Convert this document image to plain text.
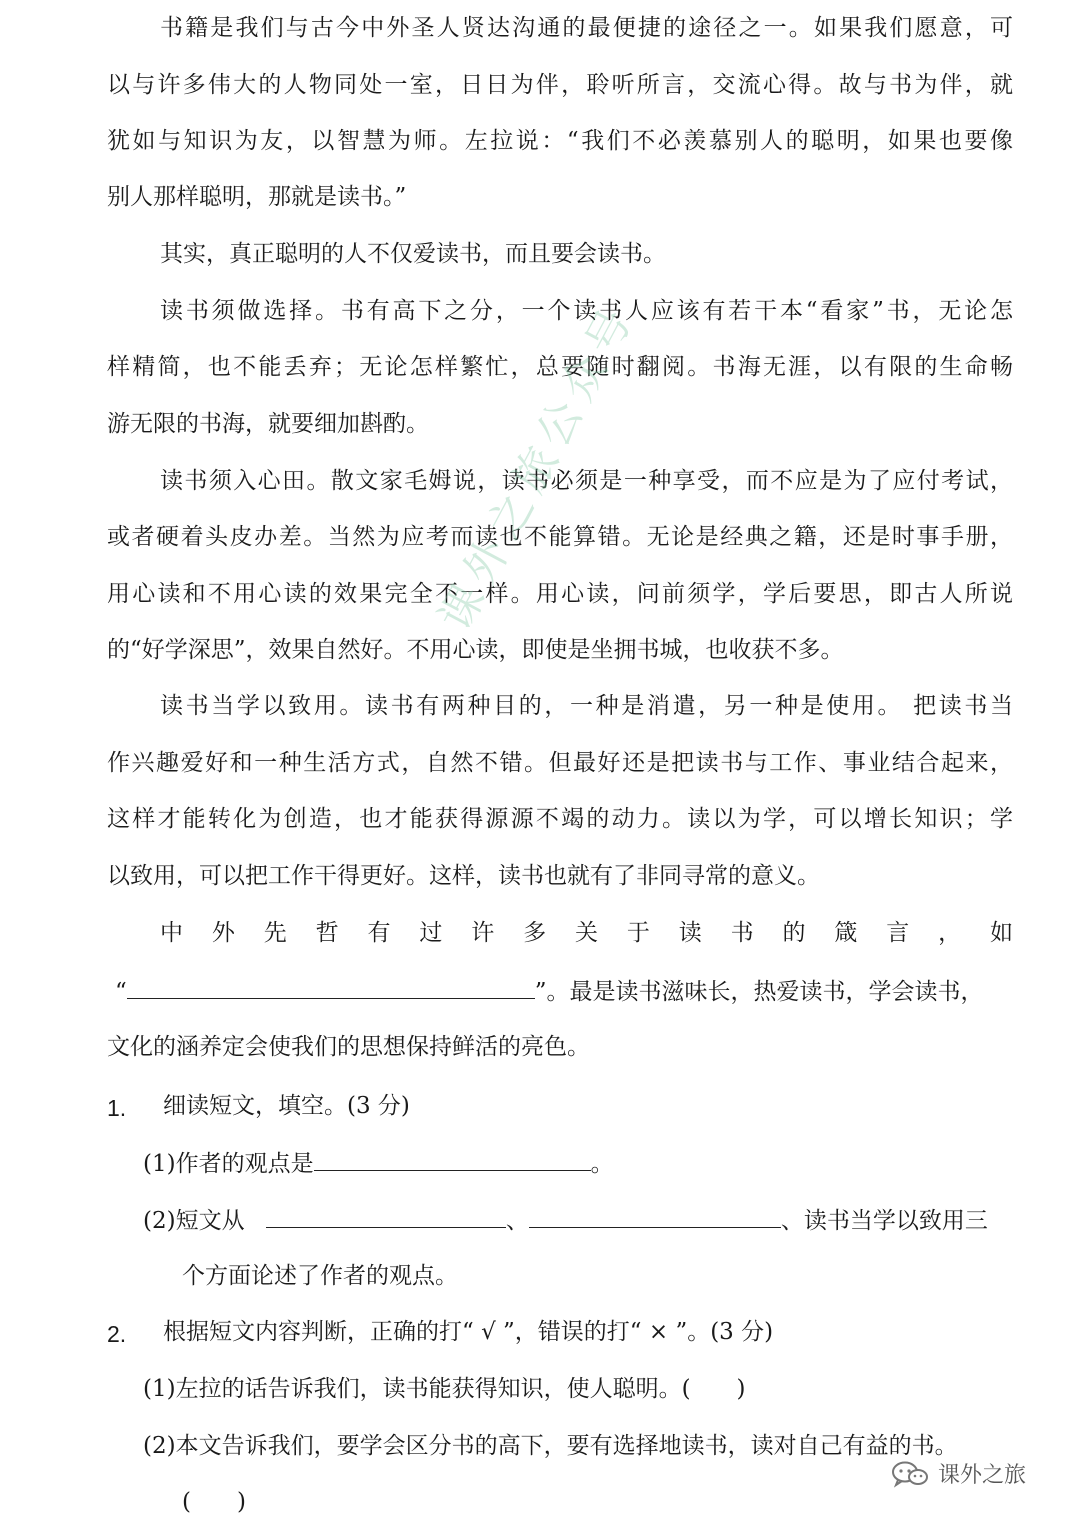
书籍是我们与古今中外圣人贤达沟通的最便捷的途径之一。如果我们愿意，可
以与许多伟大的人物同处一室，日日为伴，聆听所言，交流心得。故与书为伴，就
犹如与知识为友，以智慧为师。左拉说：“我们不必羡慕别人的聪明，如果也要像
别人那样聪明，那就是读书。”
其实，真正聪明的人不仅爱读书，而且要会读书。
读书须做选择。书有高下之分，一个读书人应该有若干本“看家”书，无论怎
样精简，也不能丢弃；无论怎样繁忙，总要随时翻阅。书海无涯，以有限的生命畅
游无限的书海，就要细加斟酌。
读书须入心田。散文家毛姆说，读书必须是一种享受，而不应是为了应付考试，
或者硬着头皮办差。当然为应考而读也不能算错。无论是经典之籍，还是时事手册，
用心读和不用心读的效果完全不一样。用心读，问前须学，学后要思，即古人所说
的“好学深思”，效果自然好。不用心读，即使是坐拥书城，也收获不多。
读书当学以致用。读书有两种目的，一种是消遣，另一种是使用。 把读书当
作兴趣爱好和一种生活方式，自然不错。但最好还是把读书与工作、事业结合起来，
这样才能转化为创造，也才能获得源源不竭的动力。读以为学，可以增长知识；学
以致用，可以把工作干得更好。这样，读书也就有了非同寻常的意义。
中外先哲有过许多关于读书的箴言，如
“	”。最是读书滋味长，热爱读书，学会读书，
文化的涵养定会使我们的思想保持鲜活的亮色。
1.	细读短文，填空。(3 分)
(1)作者的观点是	。
(2)短文从	、	、读书当学以致用三
个方面论述了作者的观点。
2.	根据短文内容判断，正确的打“ √ ”，错误的打“ × ”。(3 分)
(1)左拉的话告诉我们，读书能获得知识，使人聪明。(　　)
(2)本文告诉我们，要学会区分书的高下，要有选择地读书，读对自己有益的书。
(　　)
课外之旅公众号
课外之旅
